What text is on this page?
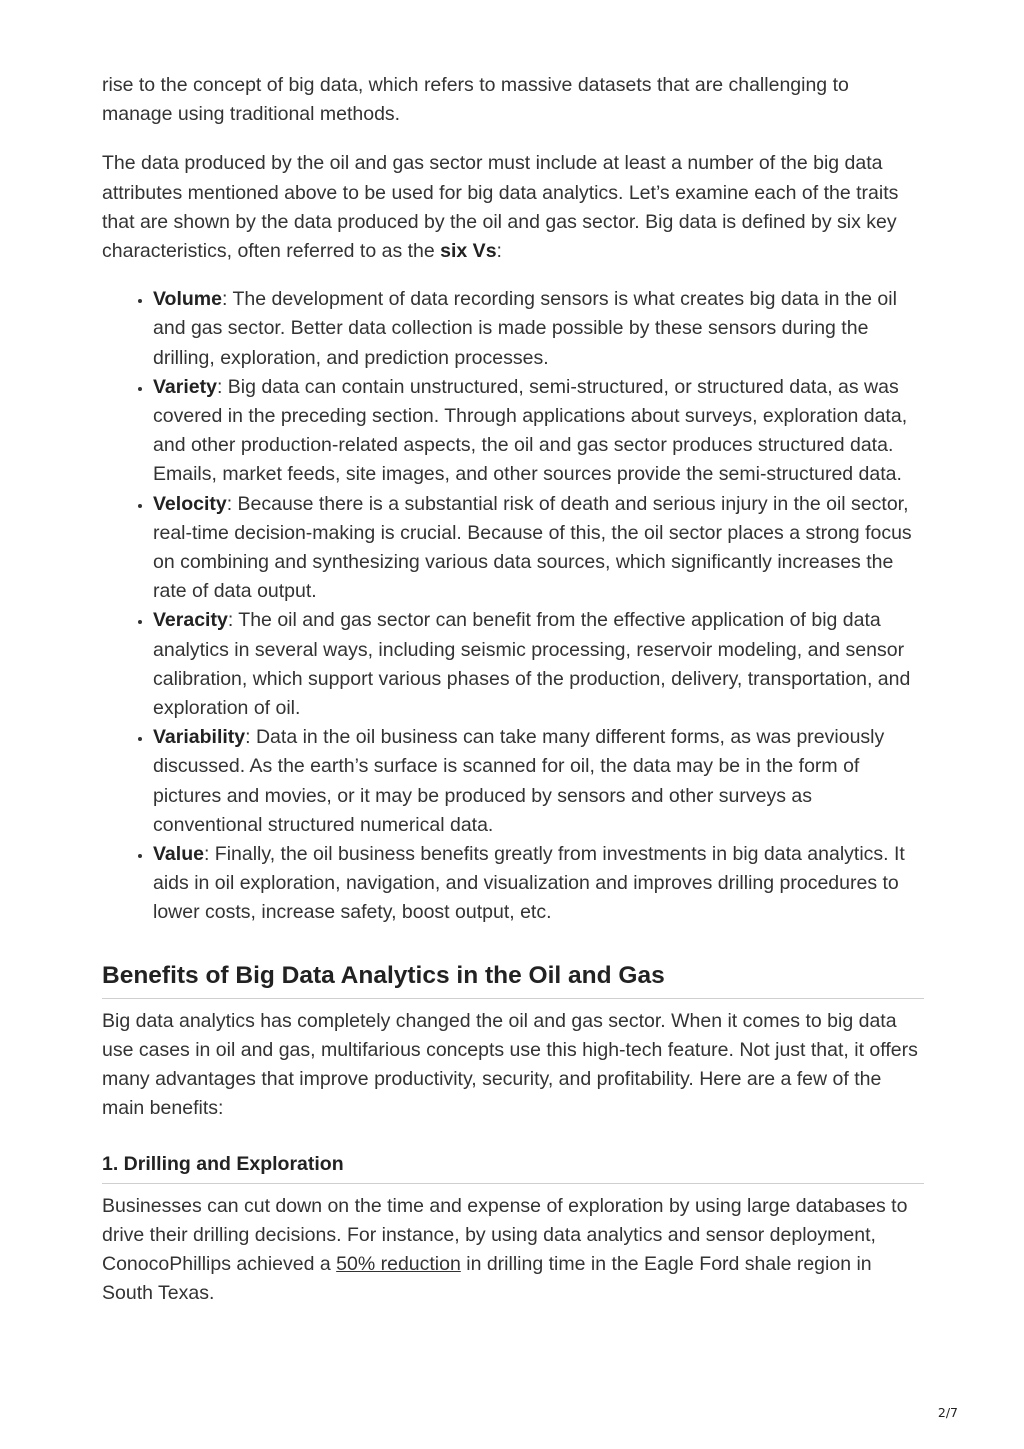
rise to the concept of big data, which refers to massive datasets that are challenging to manage using traditional methods.

The data produced by the oil and gas sector must include at least a number of the big data attributes mentioned above to be used for big data analytics. Let’s examine each of the traits that are shown by the data produced by the oil and gas sector. Big data is defined by six key characteristics, often referred to as the six Vs:

• Volume: The development of data recording sensors is what creates big data in the oil and gas sector. Better data collection is made possible by these sensors during the drilling, exploration, and prediction processes.
• Variety: Big data can contain unstructured, semi-structured, or structured data, as was covered in the preceding section. Through applications about surveys, exploration data, and other production-related aspects, the oil and gas sector produces structured data. Emails, market feeds, site images, and other sources provide the semi-structured data.
• Velocity: Because there is a substantial risk of death and serious injury in the oil sector, real-time decision-making is crucial. Because of this, the oil sector places a strong focus on combining and synthesizing various data sources, which significantly increases the rate of data output.
• Veracity: The oil and gas sector can benefit from the effective application of big data analytics in several ways, including seismic processing, reservoir modeling, and sensor calibration, which support various phases of the production, delivery, transportation, and exploration of oil.
• Variability: Data in the oil business can take many different forms, as was previously discussed. As the earth’s surface is scanned for oil, the data may be in the form of pictures and movies, or it may be produced by sensors and other surveys as conventional structured numerical data.
• Value: Finally, the oil business benefits greatly from investments in big data analytics. It aids in oil exploration, navigation, and visualization and improves drilling procedures to lower costs, increase safety, boost output, etc.
Benefits of Big Data Analytics in the Oil and Gas

Big data analytics has completely changed the oil and gas sector. When it comes to big data use cases in oil and gas, multifarious concepts use this high-tech feature. Not just that, it offers many advantages that improve productivity, security, and profitability. Here are a few of the main benefits:

1. Drilling and Exploration

Businesses can cut down on the time and expense of exploration by using large databases to drive their drilling decisions. For instance, by using data analytics and sensor deployment, ConocoPhillips achieved a 50% reduction in drilling time in the Eagle Ford shale region in South Texas.

2/7
